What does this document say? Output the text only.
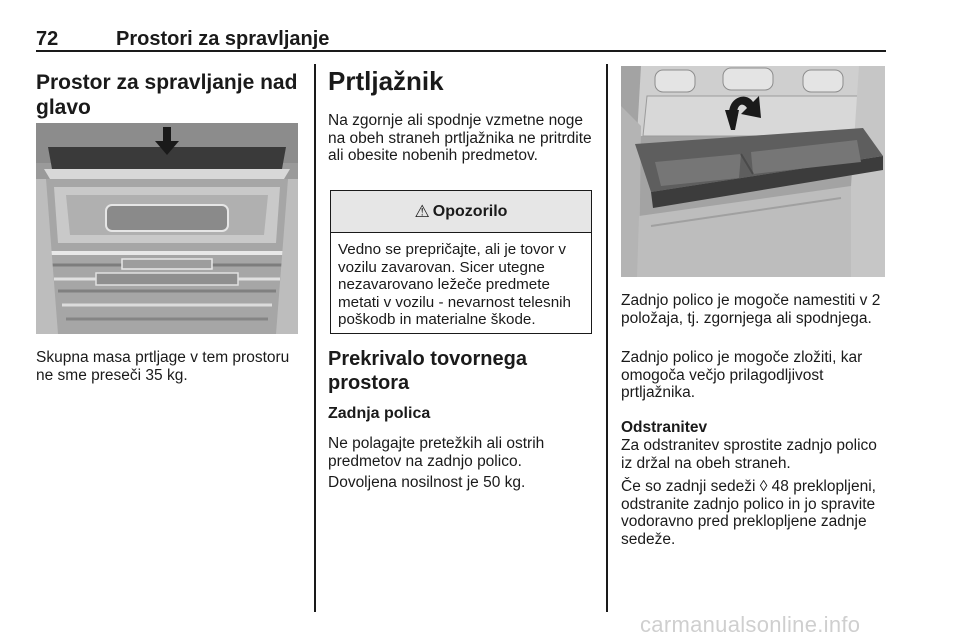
72	Prostori za spravljanje
Prostor za spravljanje nad glavo
Skupna masa prtljage v tem prostoru ne sme preseči 35 kg.
Prtljažnik
Na zgornje ali spodnje vzmetne noge na obeh straneh prtljažnika ne pritrdite ali obesite nobenih predmetov.
⚠ Opozorilo
Vedno se prepričajte, ali je tovor v vozilu zavarovan. Sicer utegne nezavarovano ležeče predmete metati v vozilu - nevarnost telesnih poškodb in materialne škode.
Prekrivalo tovornega prostora
Zadnja polica
Ne polagajte pretežkih ali ostrih predmetov na zadnjo polico.
Dovoljena nosilnost je 50 kg.
Zadnjo polico je mogoče namestiti v 2 položaja, tj. zgornjega ali spodnjega.
Zadnjo polico je mogoče zložiti, kar omogoča večjo prilagodljivost prtljažnika.
Odstranitev
Za odstranitev sprostite zadnjo polico iz držal na obeh straneh.
Če so zadnji sedeži ◊ 48 preklopljeni, odstranite zadnjo polico in jo spravite vodoravno pred preklopljene zadnje sedeže.
carmanualsonline.info
